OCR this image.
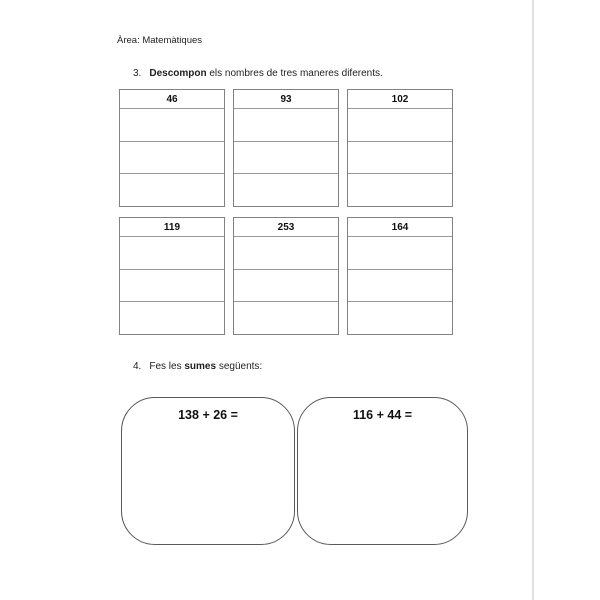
Àrea: Matemàtiques
3. Descompon els nombres de tres maneres diferents.
46	93	102
119	253	164
4. Fes les sumes següents:
138 + 26 =	116 + 44 =
